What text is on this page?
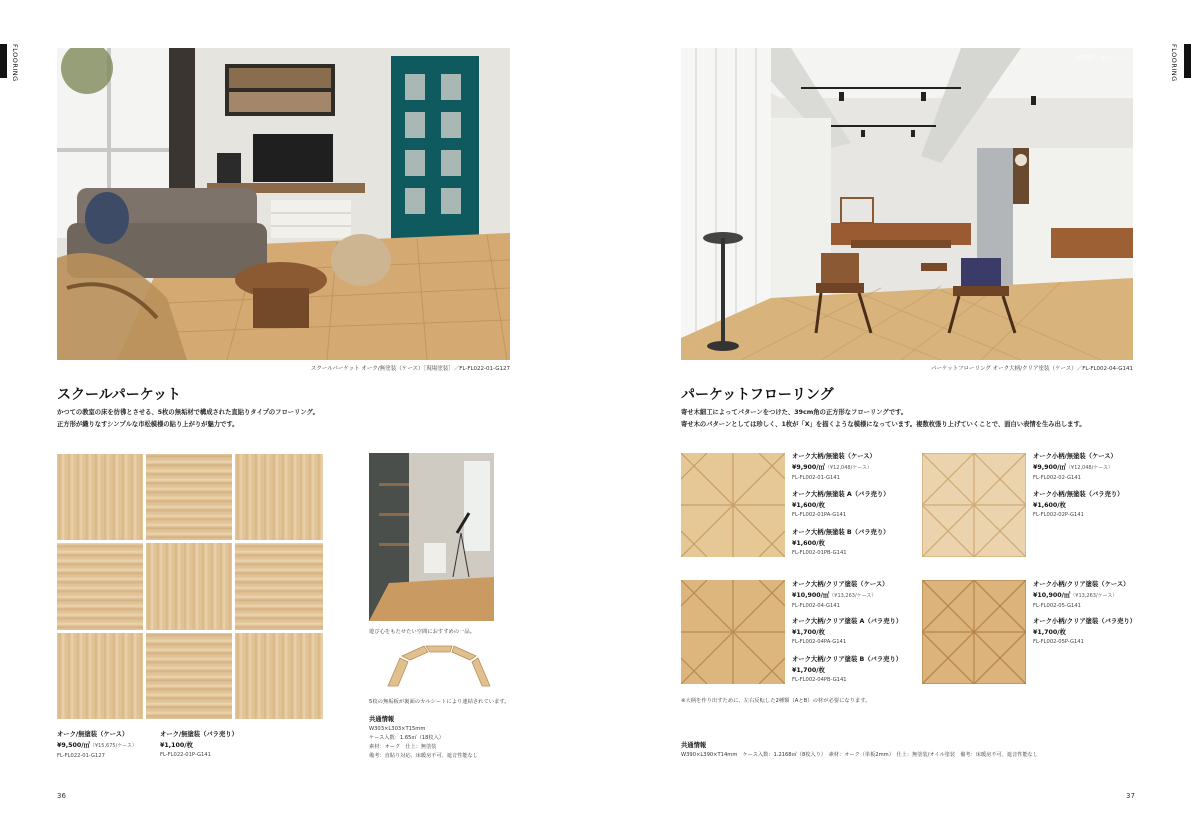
FLOORING
スクールパーケット オーク/無塗装（ケース）［現場塗装］／FL-FL022-01-G127
スクールパーケット
かつての教室の床を彷彿とさせる、5枚の無垢材で構成された直貼りタイプのフローリング。
正方形が織りなすシンプルな市松模様の貼り上がりが魅力です。
オーク/無塗装（ケース）
¥9,500/㎡（¥15,675/ケース）
FL-FL022-01-G127
オーク/無塗装（バラ売り）
¥1,100/枚
FL-FL022-01P-G141
遊び心をもたせたい空間におすすめの一品。
5枚の無垢板が裏面のカルシートにより連結されています。
共通情報
W303×L303×T15mm
ケース入数：1.65㎡（18枚入）
素材：オーク　仕上：無塗装
備考：直貼り対応、床暖房不可、遮音性能なし
36
FLOORING
写真提供：ゼロリノベ
パーケットフローリング オーク大柄/クリア塗装（ケース）／FL-FL002-04-G141
パーケットフローリング
寄せ木細工によってパターンをつけた、39cm角の正方形なフローリングです。
寄せ木のパターンとしては珍しく、1枚が「X」を描くような模様になっています。複数枚張り上げていくことで、面白い表情を生み出します。
オーク大柄/無塗装（ケース）
¥9,900/㎡（¥12,048/ケース）
FL-FL002-01-G141
オーク大柄/無塗装 A（バラ売り）
¥1,600/枚
FL-FL002-01PA-G141
オーク大柄/無塗装 B（バラ売り）
¥1,600/枚
FL-FL002-01PB-G141
オーク小柄/無塗装（ケース）
¥9,900/㎡（¥12,048/ケース）
FL-FL002-02-G141
オーク小柄/無塗装（バラ売り）
¥1,600/枚
FL-FL002-02P-G141
オーク大柄/クリア塗装（ケース）
¥10,900/㎡（¥13,263/ケース）
FL-FL002-04-G141
オーク大柄/クリア塗装 A（バラ売り）
¥1,700/枚
FL-FL002-04PA-G141
オーク大柄/クリア塗装 B（バラ売り）
¥1,700/枚
FL-FL002-04PB-G141
オーク小柄/クリア塗装（ケース）
¥10,900/㎡（¥13,263/ケース）
FL-FL002-05-G141
オーク小柄/クリア塗装（バラ売り）
¥1,700/枚
FL-FL002-05P-G141
※大柄を作り出すために、左右反転した2種類（AとB）の材が必要になります。
共通情報
W390×L390×T14mm　ケース入数：1.2168㎡（8枚入り）　素材：オーク（単板2mm）　仕上：無塗装/オイル塗装　備考：床暖房不可、遮音性能なし
37
